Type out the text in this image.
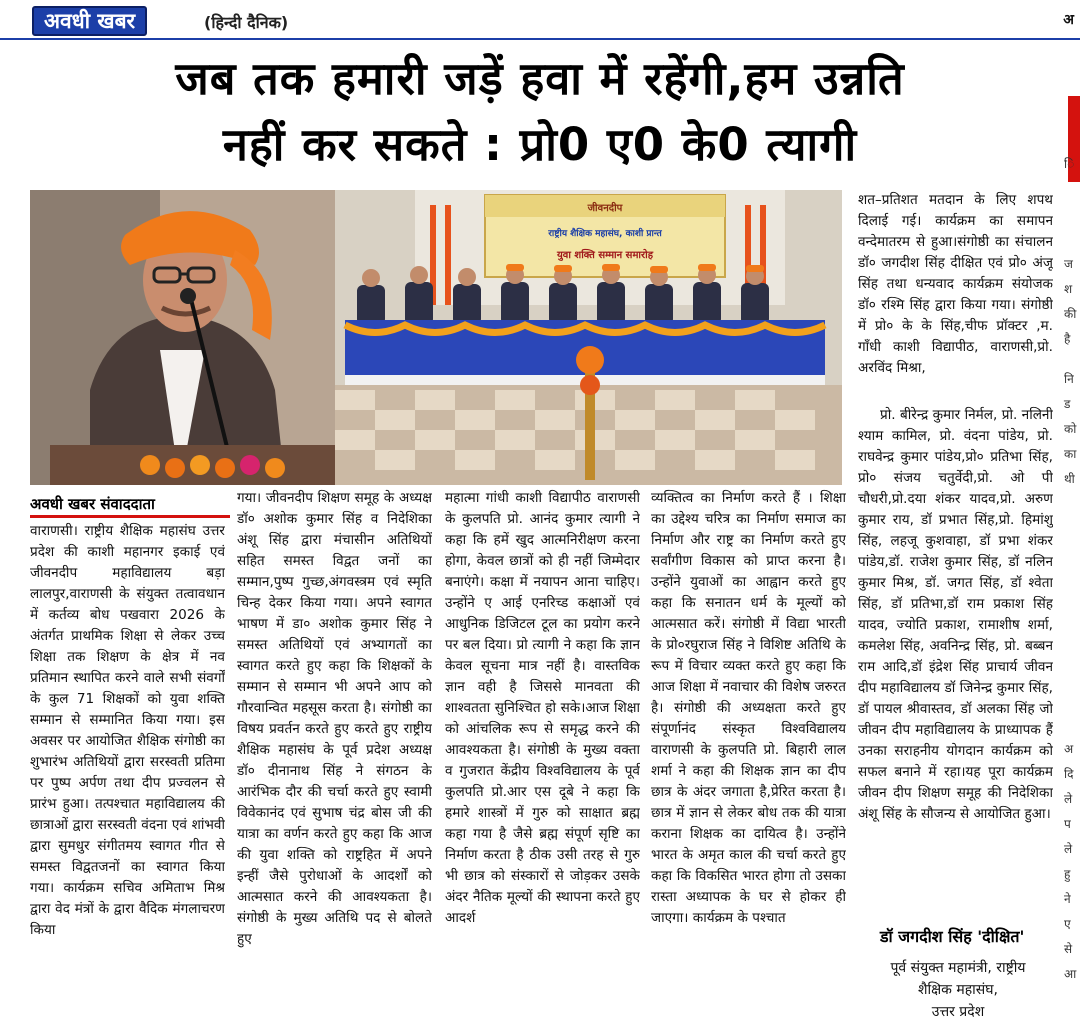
अवधी खबर	(हिन्दी दैनिक)	अ
जब तक हमारी जड़ें हवा में रहेंगी,हम उन्नति
नहीं कर सकते : प्रो0 ए0 के0 त्यागी
जीवनदीप
राष्ट्रीय शैक्षिक महासंघ, काशी प्रान्त
युवा शक्ति सम्मान समारोह
अवधी खबर संवाददाता

वाराणसी। राष्ट्रीय शैक्षिक महासंघ उत्तर प्रदेश की काशी महानगर इकाई एवं जीवनदीप महाविद्यालय बड़ा लालपुर,वाराणसी के संयुक्त तत्वावधान में कर्तव्य बोध पखवारा 2026 के अंतर्गत प्राथमिक शिक्षा से लेकर उच्च शिक्षा तक शिक्षण के क्षेत्र में नव प्रतिमान स्थापित करने वाले सभी संवर्गों के कुल 71 शिक्षकों को युवा शक्ति सम्मान से सम्मानित किया गया। इस अवसर पर आयोजित शैक्षिक संगोष्ठी का शुभारंभ अतिथियों द्वारा सरस्वती प्रतिमा पर पुष्प अर्पण तथा दीप प्रज्वलन से प्रारंभ हुआ। तत्पश्चात महाविद्यालय की छात्राओं द्वारा सरस्वती वंदना एवं शांभवी द्वारा सुमधुर संगीतमय स्वागत गीत से समस्त विद्वतजनों का स्वागत किया गया। कार्यक्रम सचिव अमिताभ मिश्र द्वारा वेद मंत्रों के द्वारा वैदिक मंगलाचरण किया

गया। जीवनदीप शिक्षण समूह के अध्यक्ष डॉ० अशोक कुमार सिंह व निदेशिका अंशू सिंह द्वारा मंचासीन अतिथियों सहित समस्त विद्वत जनों का सम्मान,पुष्प गुच्छ,अंगवस्त्रम एवं स्मृति चिन्ह देकर किया गया। अपने स्वागत भाषण में डा० अशोक कुमार सिंह ने समस्त अतिथियों एवं अभ्यागतों का स्वागत करते हुए कहा कि शिक्षकों के सम्मान से सम्मान भी अपने आप को गौरवान्वित महसूस करता है। संगोष्ठी का विषय प्रवर्तन करते हुए करते हुए राष्ट्रीय शैक्षिक महासंघ के पूर्व प्रदेश अध्यक्ष डॉ० दीनानाथ सिंह ने संगठन के आरंभिक दौर की चर्चा करते हुए स्वामी विवेकानंद एवं सुभाष चंद्र बोस जी की यात्रा का वर्णन करते हुए कहा कि आज की युवा शक्ति को राष्ट्रहित में अपने इन्हीं जैसे पुरोधाओं के आदर्शों को आत्मसात करने की आवश्यकता है। संगोष्ठी के मुख्य अतिथि पद से बोलते हुए

महात्मा गांधी काशी विद्यापीठ वाराणसी के कुलपति प्रो. आनंद कुमार त्यागी ने कहा कि हमें खुद आत्मनिरीक्षण करना होगा, केवल छात्रों को ही नहीं जिम्मेदार बनाएंगे। कक्षा में नयापन आना चाहिए। उन्होंने ए आई एनरिच्ड कक्षाओं एवं आधुनिक डिजिटल टूल का प्रयोग करने पर बल दिया। प्रो त्यागी ने कहा कि ज्ञान केवल सूचना मात्र नहीं है। वास्तविक ज्ञान वही है जिससे मानवता की शाश्वतता सुनिश्चित हो सके।आज शिक्षा को आंचलिक रूप से समृद्ध करने की आवश्यकता है। संगोष्ठी के मुख्य वक्ता व गुजरात केंद्रीय विश्वविद्यालय के पूर्व कुलपति प्रो.आर एस दूबे ने कहा कि हमारे शास्त्रों में गुरु को साक्षात ब्रह्म कहा गया है जैसे ब्रह्म संपूर्ण सृष्टि का निर्माण करता है ठीक उसी तरह से गुरु भी छात्र को संस्कारों से जोड़कर उसके अंदर नैतिक मूल्यों की स्थापना करते हुए आदर्श

व्यक्तित्व का निर्माण करते हैं । शिक्षा का उद्देश्य चरित्र का निर्माण समाज का निर्माण और राष्ट्र का निर्माण करते हुए सर्वांगीण विकास को प्राप्त करना है। उन्होंने युवाओं का आह्वान करते हुए कहा कि सनातन धर्म के मूल्यों को आत्मसात करें। संगोष्ठी में विद्या भारती के प्रो०रघुराज सिंह ने विशिष्ट अतिथि के रूप में विचार व्यक्त करते हुए कहा कि आज शिक्षा में नवाचार की विशेष जरुरत है। संगोष्ठी की अध्यक्षता करते हुए संपूर्णानंद संस्कृत विश्वविद्यालय वाराणसी के कुलपति प्रो. बिहारी लाल शर्मा ने कहा की शिक्षक ज्ञान का दीप छात्र के अंदर जगाता है,प्रेरित करता है। छात्र में ज्ञान से लेकर बोध तक की यात्रा कराना शिक्षक का दायित्व है। उन्होंने भारत के अमृत काल की चर्चा करते हुए कहा कि विकसित भारत होगा तो उसका रास्ता अध्यापक के घर से होकर ही जाएगा। कार्यक्रम के पश्चात

शत–प्रतिशत मतदान के लिए शपथ दिलाई गई। कार्यक्रम का समापन वन्देमातरम से हुआ।संगोष्ठी का संचालन डॉ० जगदीश सिंह दीक्षित एवं प्रो० अंजू सिंह तथा धन्यवाद कार्यक्रम संयोजक डॉ० रश्मि सिंह द्वारा किया गया। संगोष्ठी में प्रो० के के सिंह,चीफ प्रॉक्टर ,म. गाँधी काशी विद्यापीठ, वाराणसी,प्रो. अरविंद मिश्रा,

प्रो. बीरेन्द्र कुमार निर्मल, प्रो. नलिनी श्याम कामिल, प्रो. वंदना पांडेय, प्रो. राघवेन्द्र कुमार पांडेय,प्रो० प्रतिभा सिंह, प्रो० संजय चतुर्वेदी,प्रो. ओ पी चौधरी,प्रो.दया शंकर यादव,प्रो. अरुण कुमार राय, डॉ प्रभात सिंह,प्रो. हिमांशु सिंह, लहजू कुशवाहा, डॉ प्रभा शंकर पांडेय,डॉ. राजेश कुमार सिंह, डॉ नलिन कुमार मिश्र, डॉ. जगत सिंह, डॉ श्वेता सिंह, डॉ प्रतिभा,डॉ राम प्रकाश सिंह यादव, ज्योति प्रकाश, रामाशीष शर्मा, कमलेश सिंह, अवनिन्द्र सिंह, प्रो. बब्बन राम आदि,डॉ इंद्रेश सिंह प्राचार्य जीवन दीप महाविद्यालय डॉ जिनेन्द्र कुमार सिंह, डॉ पायल श्रीवास्तव, डॉ अलका सिंह जो जीवन दीप महाविद्यालय के प्राध्यापक हैं उनका सराहनीय योगदान कार्यक्रम को सफल बनाने में रहा।यह पूरा कार्यक्रम जीवन दीप शिक्षण समूह की निदेशिका अंशू सिंह के सौजन्य से आयोजित हुआ।

डॉ जगदीश सिंह 'दीक्षित'
पूर्व संयुक्त महामंत्री, राष्ट्रीय
शैक्षिक महासंघ,
उत्तर प्रदेश
ि
ज
श
की
है
नि
ड
को
का
थी
अ
दि
ले
प
ले
हु
ने
ए
से
आ
